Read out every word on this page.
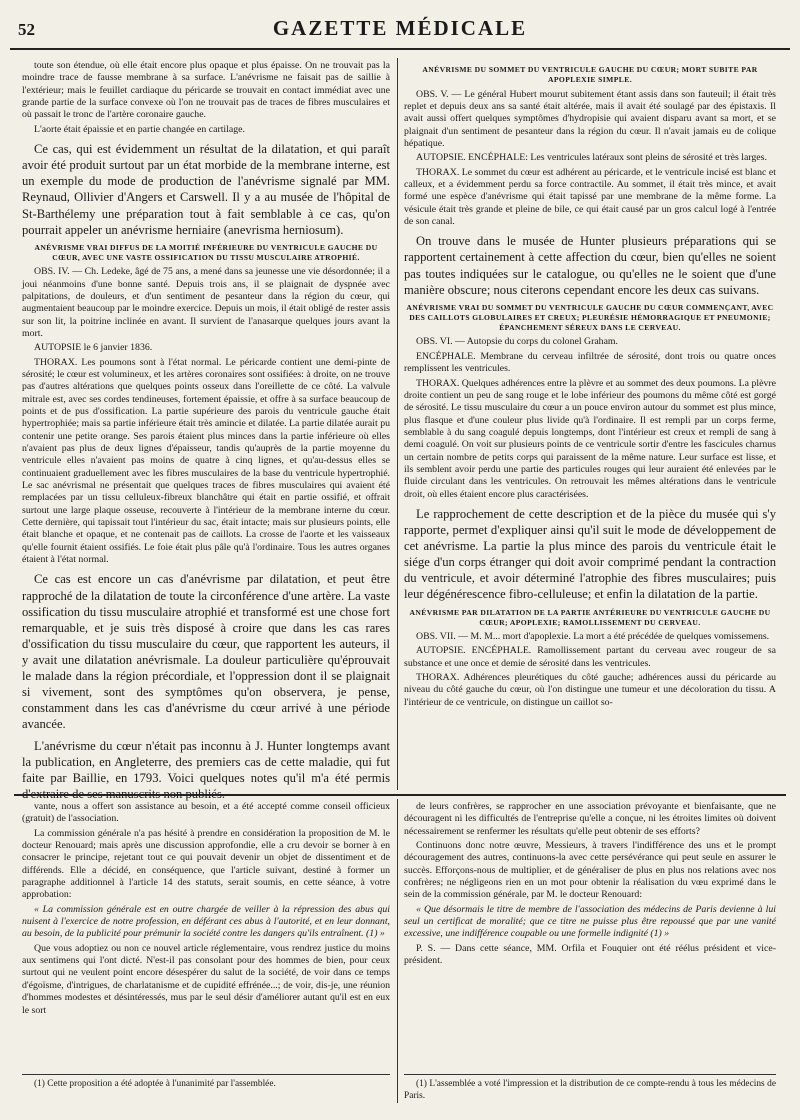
52	GAZETTE MÉDICALE

toute son étendue, où elle était encore plus opaque et plus épaisse. On ne trouvait pas la moindre trace de fausse membrane à sa surface. L'anévrisme ne faisait pas de saillie à l'extérieur; mais le feuillet cardiaque du péricarde se trouvait en contact immédiat avec une grande partie de la surface convexe où l'on ne trouvait pas de traces de fibres musculaires et où passait le tronc de l'artère coronaire gauche.

L'aorte était épaissie et en partie changée en cartilage.

Ce cas, qui est évidemment un résultat de la dilatation, et qui paraît avoir été produit surtout par un état morbide de la membrane interne, est un exemple du mode de production de l'anévrisme signalé par MM. Reynaud, Ollivier d'Angers et Carswell. Il y a au musée de l'hôpital de St-Barthélemy une préparation tout à fait semblable à ce cas, qu'on pourrait appeler un anévrisme herniaire (anevrisma herniosum).

ANÉVRISME VRAI DIFFUS DE LA MOITIÉ INFÉRIEURE DU VENTRICULE GAUCHE DU CŒUR, AVEC UNE VASTE OSSIFICATION DU TISSU MUSCULAIRE ATROPHIÉ.

OBS. IV. — Ch. Ledeke, âgé de 75 ans, a mené dans sa jeunesse une vie désordonnée; il a joui néanmoins d'une bonne santé. Depuis trois ans, il se plaignait de dyspnée avec palpitations, de douleurs, et d'un sentiment de pesanteur dans la région du cœur, qui augmentaient beaucoup par le moindre exercice. Depuis un mois, il était obligé de rester assis sur son lit, la poitrine inclinée en avant. Il survient de l'anasarque quelques jours avant la mort.

AUTOPSIE le 6 janvier 1836.

THORAX. Les poumons sont à l'état normal. Le péricarde contient une demi-pinte de sérosité; le cœur est volumineux, et les artères coronaires sont ossifiées: à droite, on ne trouve pas d'autres altérations que quelques points osseux dans l'oreillette de ce côté. La valvule mitrale est, avec ses cordes tendineuses, fortement épaissie, et offre à sa surface beaucoup de points et de pus d'ossification. La partie supérieure des parois du ventricule gauche était hypertrophiée; mais sa partie inférieure était très amincie et dilatée. La partie dilatée aurait pu contenir une petite orange. Ses parois étaient plus minces dans la partie inférieure où elles n'avaient pas plus de deux lignes d'épaisseur, tandis qu'auprès de la partie moyenne du ventricule elles n'avaient pas moins de quatre à cinq lignes, et qu'au-dessus elles se continuaient graduellement avec les fibres musculaires de la base du ventricule hypertrophié. Le sac anévrismal ne présentait que quelques traces de fibres musculaires qui avaient été remplacées par un tissu celluleux-fibreux blanchâtre qui était en partie ossifié, et offrait surtout une large plaque osseuse, recouverte à l'intérieur de la membrane interne du cœur. Cette dernière, qui tapissait tout l'intérieur du sac, était intacte; mais sur plusieurs points, elle était blanche et opaque, et ne contenait pas de caillots. La crosse de l'aorte et les vaisseaux qu'elle fournit étaient ossifiés. Le foie était plus pâle qu'à l'ordinaire. Tous les autres organes étaient à l'état normal.

Ce cas est encore un cas d'anévrisme par dilatation, et peut être rapproché de la dilatation de toute la circonférence d'une artère. La vaste ossification du tissu musculaire atrophié et transformé est une chose fort remarquable, et je suis très disposé à croire que dans les cas rares d'ossification du tissu musculaire du cœur, que rapportent les auteurs, il y avait une dilatation anévrismale. La douleur particulière qu'éprouvait le malade dans la région précordiale, et l'oppression dont il se plaignait si vivement, sont des symptômes qu'on observera, je pense, constamment dans les cas d'anévrisme du cœur arrivé à une période avancée.

L'anévrisme du cœur n'était pas inconnu à J. Hunter longtemps avant la publication, en Angleterre, des premiers cas de cette maladie, qui fut faite par Baillie, en 1793. Voici quelques notes qu'il m'a été permis d'extraire de ses manuscrits non publiés.

ANÉVRISME DU SOMMET DU VENTRICULE GAUCHE DU CŒUR; MORT SUBITE PAR APOPLEXIE SIMPLE.

OBS. V. — Le général Hubert mourut subitement étant assis dans son fauteuil; il était très replet et depuis deux ans sa santé était altérée, mais il avait été soulagé par des épistaxis. Il avait aussi offert quelques symptômes d'hydropisie qui avaient disparu avant sa mort, et se plaignait d'un sentiment de pesanteur dans la région du cœur. Il n'avait jamais eu de colique hépatique.

AUTOPSIE. ENCÉPHALE: Les ventricules latéraux sont pleins de sérosité et très larges.

THORAX. Le sommet du cœur est adhérent au péricarde, et le ventricule incisé est blanc et calleux, et a évidemment perdu sa force contractile. Au sommet, il était très mince, et avait formé une espèce d'anévrisme qui était tapissé par une membrane de la même forme. La vésicule était très grande et pleine de bile, ce qui était causé par un gros calcul logé à l'entrée de son canal.

On trouve dans le musée de Hunter plusieurs préparations qui se rapportent certainement à cette affection du cœur, bien qu'elles ne soient pas toutes indiquées sur le catalogue, ou qu'elles ne le soient que d'une manière obscure; nous citerons cependant encore les deux cas suivans.

ANÉVRISME VRAI DU SOMMET DU VENTRICULE GAUCHE DU CŒUR COMMENÇANT, AVEC DES CAILLOTS GLOBULAIRES ET CREUX; PLEURÉSIE HÉMORRAGIQUE ET PNEUMONIE; ÉPANCHEMENT SÉREUX DANS LE CERVEAU.

OBS. VI. — Autopsie du corps du colonel Graham.

ENCÉPHALE. Membrane du cerveau infiltrée de sérosité, dont trois ou quatre onces remplissent les ventricules.

THORAX. Quelques adhérences entre la plèvre et au sommet des deux poumons. La plèvre droite contient un peu de sang rouge et le lobe inférieur des poumons du même côté est gorgé de sérosité. Le tissu musculaire du cœur a un pouce environ autour du sommet est plus mince, plus flasque et d'une couleur plus livide qu'à l'ordinaire. Il est rempli par un corps ferme, semblable à du sang coagulé depuis longtemps, dont l'intérieur est creux et rempli de sang à demi coagulé. On voit sur plusieurs points de ce ventricule sortir d'entre les fascicules charnus un certain nombre de petits corps qui paraissent de la même nature. Leur surface est lisse, et ils semblent avoir perdu une partie des particules rouges qui leur auraient été enlevées par le fluide circulant dans les ventricules. On retrouvait les mêmes altérations dans le ventricule droit, où elles étaient encore plus caractérisées.

Le rapprochement de cette description et de la pièce du musée qui s'y rapporte, permet d'expliquer ainsi qu'il suit le mode de développement de cet anévrisme. La partie la plus mince des parois du ventricule était le siége d'un corps étranger qui doit avoir comprimé pendant la contraction du ventricule, et avoir déterminé l'atrophie des fibres musculaires; puis leur dégénérescence fibro-celluleuse; et enfin la dilatation de la partie.

ANÉVRISME PAR DILATATION DE LA PARTIE ANTÉRIEURE DU VENTRICULE GAUCHE DU CŒUR; APOPLEXIE; RAMOLLISSEMENT DU CERVEAU.

OBS. VII. — M. M... mort d'apoplexie. La mort a été précédée de quelques vomissemens.

AUTOPSIE. ENCÉPHALE. Ramollissement partant du cerveau avec rougeur de sa substance et une once et demie de sérosité dans les ventricules.

THORAX. Adhérences pleurétiques du côté gauche; adhérences aussi du péricarde au niveau du côté gauche du cœur, où l'on distingue une tumeur et une décoloration du tissu. A l'intérieur de ce ventricule, on distingue un caillot so-

vante, nous a offert son assistance au besoin, et a été accepté comme conseil officieux (gratuit) de l'association.

La commission générale n'a pas hésité à prendre en considération la proposition de M. le docteur Renouard; mais après une discussion approfondie, elle a cru devoir se borner à en consacrer le principe, rejetant tout ce qui pouvait devenir un objet de dissentiment et de différends. Elle a décidé, en conséquence, que l'article suivant, destiné à former un paragraphe additionnel à l'article 14 des statuts, serait soumis, en cette séance, à votre approbation:

« La commission générale est en outre chargée de veiller à la répression des abus qui nuisent à l'exercice de notre profession, en déférant ces abus à l'autorité, et en leur donnant, au besoin, de la publicité pour prémunir la société contre les dangers qu'ils entraînent. (1) »

Que vous adoptiez ou non ce nouvel article réglementaire, vous rendrez justice du moins aux sentimens qui l'ont dicté. N'est-il pas consolant pour des hommes de bien, pour ceux surtout qui ne veulent point encore désespérer du salut de la société, de voir dans ce temps d'égoïsme, d'intrigues, de charlatanisme et de cupidité effrénée...; de voir, dis-je, une réunion d'hommes modestes et désintéressés, mus par le seul désir d'améliorer autant qu'il est en eux le sort

de leurs confrères, se rapprocher en une association prévoyante et bienfaisante, que ne découragent ni les difficultés de l'entreprise qu'elle a conçue, ni les étroites limites où doivent nécessairement se renfermer les résultats qu'elle peut obtenir de ses efforts?

Continuons donc notre œuvre, Messieurs, à travers l'indifférence des uns et le prompt découragement des autres, continuons-la avec cette persévérance qui peut seule en assurer le succès. Efforçons-nous de multiplier, et de généraliser de plus en plus nos relations avec nos confrères; ne négligeons rien en un mot pour obtenir la réalisation du vœu exprimé dans le sein de la commission générale, par M. le docteur Renouard:

« Que désormais le titre de membre de l'association des médecins de Paris devienne à lui seul un certificat de moralité; que ce titre ne puisse plus être repoussé que par une vanité excessive, une indifférence coupable ou une formelle indignité (1) »

P. S. — Dans cette séance, MM. Orfila et Fouquier ont été réélus président et vice-président.

(1) Cette proposition a été adoptée à l'unanimité par l'assemblée.	(1) L'assemblée a voté l'impression et la distribution de ce compte-rendu à tous les médecins de Paris.
